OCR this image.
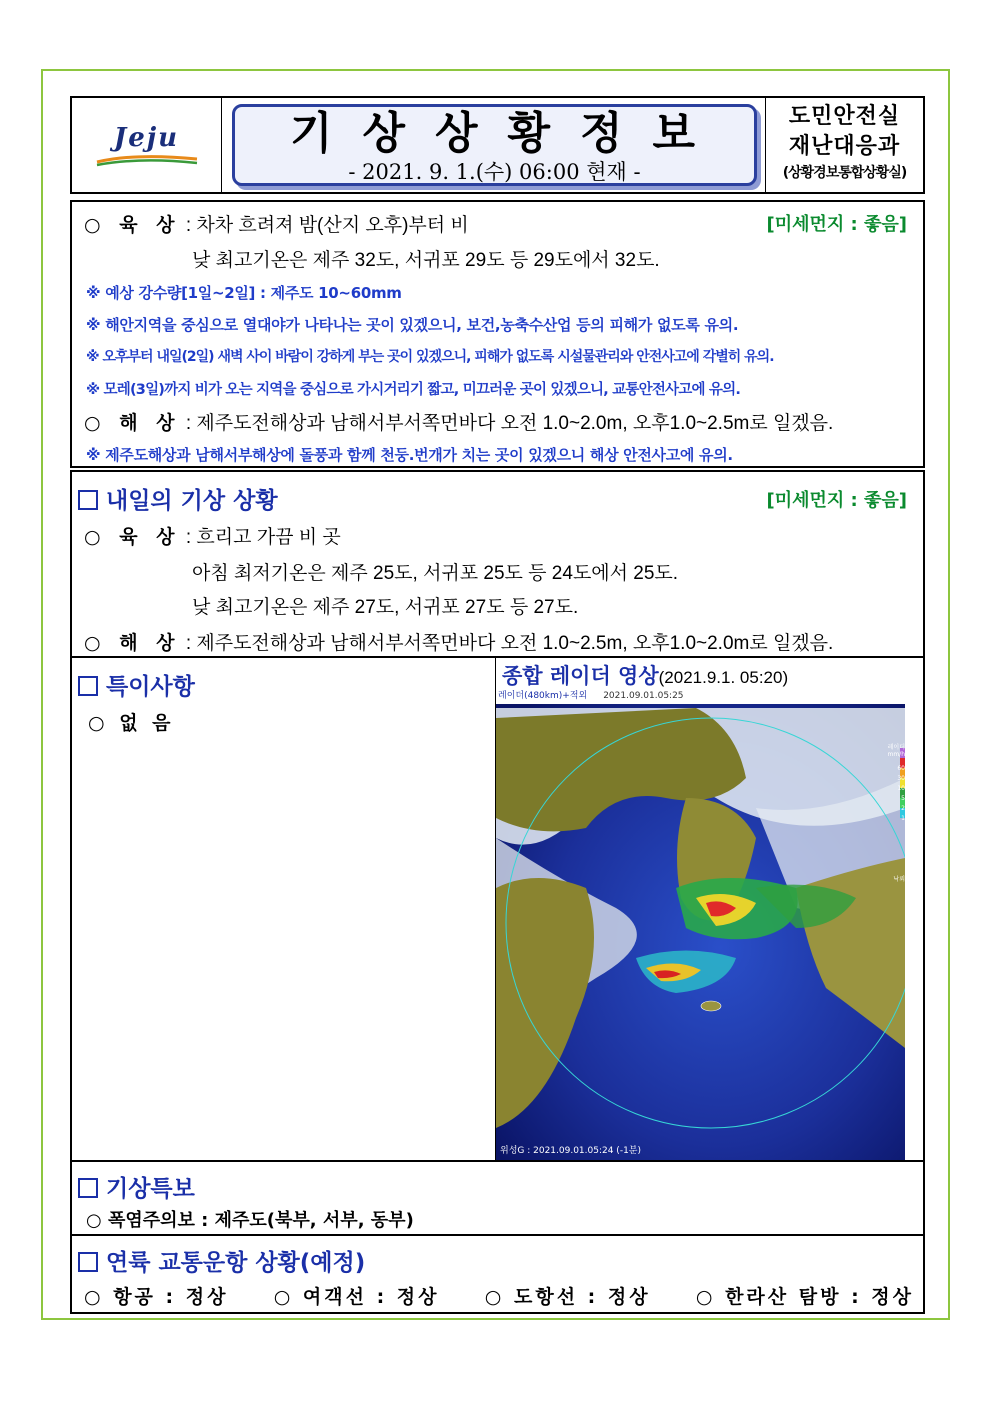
Jeju	기상상황정보
- 2021. 9. 1.(수) 06:00 현재 -
도민안전실
재난대응과
(상황경보통합상황실)
○ 육 상 : 차차 흐려져 밤(산지 오후)부터 비	[미세먼지 : 좋음]
낮 최고기온은 제주 32도, 서귀포 29도 등 29도에서 32도.
※ 예상 강수량[1일~2일] : 제주도 10~60mm
※ 해안지역을 중심으로 열대야가 나타나는 곳이 있겠으니, 보건,농축수산업 등의 피해가 없도록 유의.
※ 오후부터 내일(2일) 새벽 사이 바람이 강하게 부는 곳이 있겠으니, 피해가 없도록 시설물관리와 안전사고에 각별히 유의.
※ 모레(3일)까지 비가 오는 지역을 중심으로 가시거리기 짧고, 미끄러운 곳이 있겠으니, 교통안전사고에 유의.
○ 해 상 : 제주도전해상과 남해서부서쪽먼바다 오전 1.0~2.0m, 오후1.0~2.5m로 일겠음.
※ 제주도해상과 남해서부해상에 돌풍과 함께 천둥.번개가 치는 곳이 있겠으니 해상 안전사고에 유의.
내일의 기상 상황	[미세먼지 : 좋음]
○ 육 상 : 흐리고 가끔 비 곳
아침 최저기온은 제주 25도, 서귀포 25도 등 24도에서 25도.
낮 최고기온은 제주 27도, 서귀포 27도 등 27도.
○ 해 상 : 제주도전해상과 남해서부서쪽먼바다 오전 1.0~2.5m, 오후1.0~2.0m로 일겠음.
특이사항
○ 없 음
종합 레이더 영상(2021.9.1. 05:20)
레이더(480km)+적외 2021.09.01.05:25
위성G : 2021.09.01.05:24 (-1분)
레이더
mm/h
60
30
10
5
2
1
낙뢰
기상특보
○ 폭염주의보 : 제주도(북부, 서부, 동부)
연륙 교통운항 상황(예정)
○ 항공 : 정상 ○ 여객선 : 정상 ○ 도항선 : 정상 ○ 한라산 탐방 : 정상
